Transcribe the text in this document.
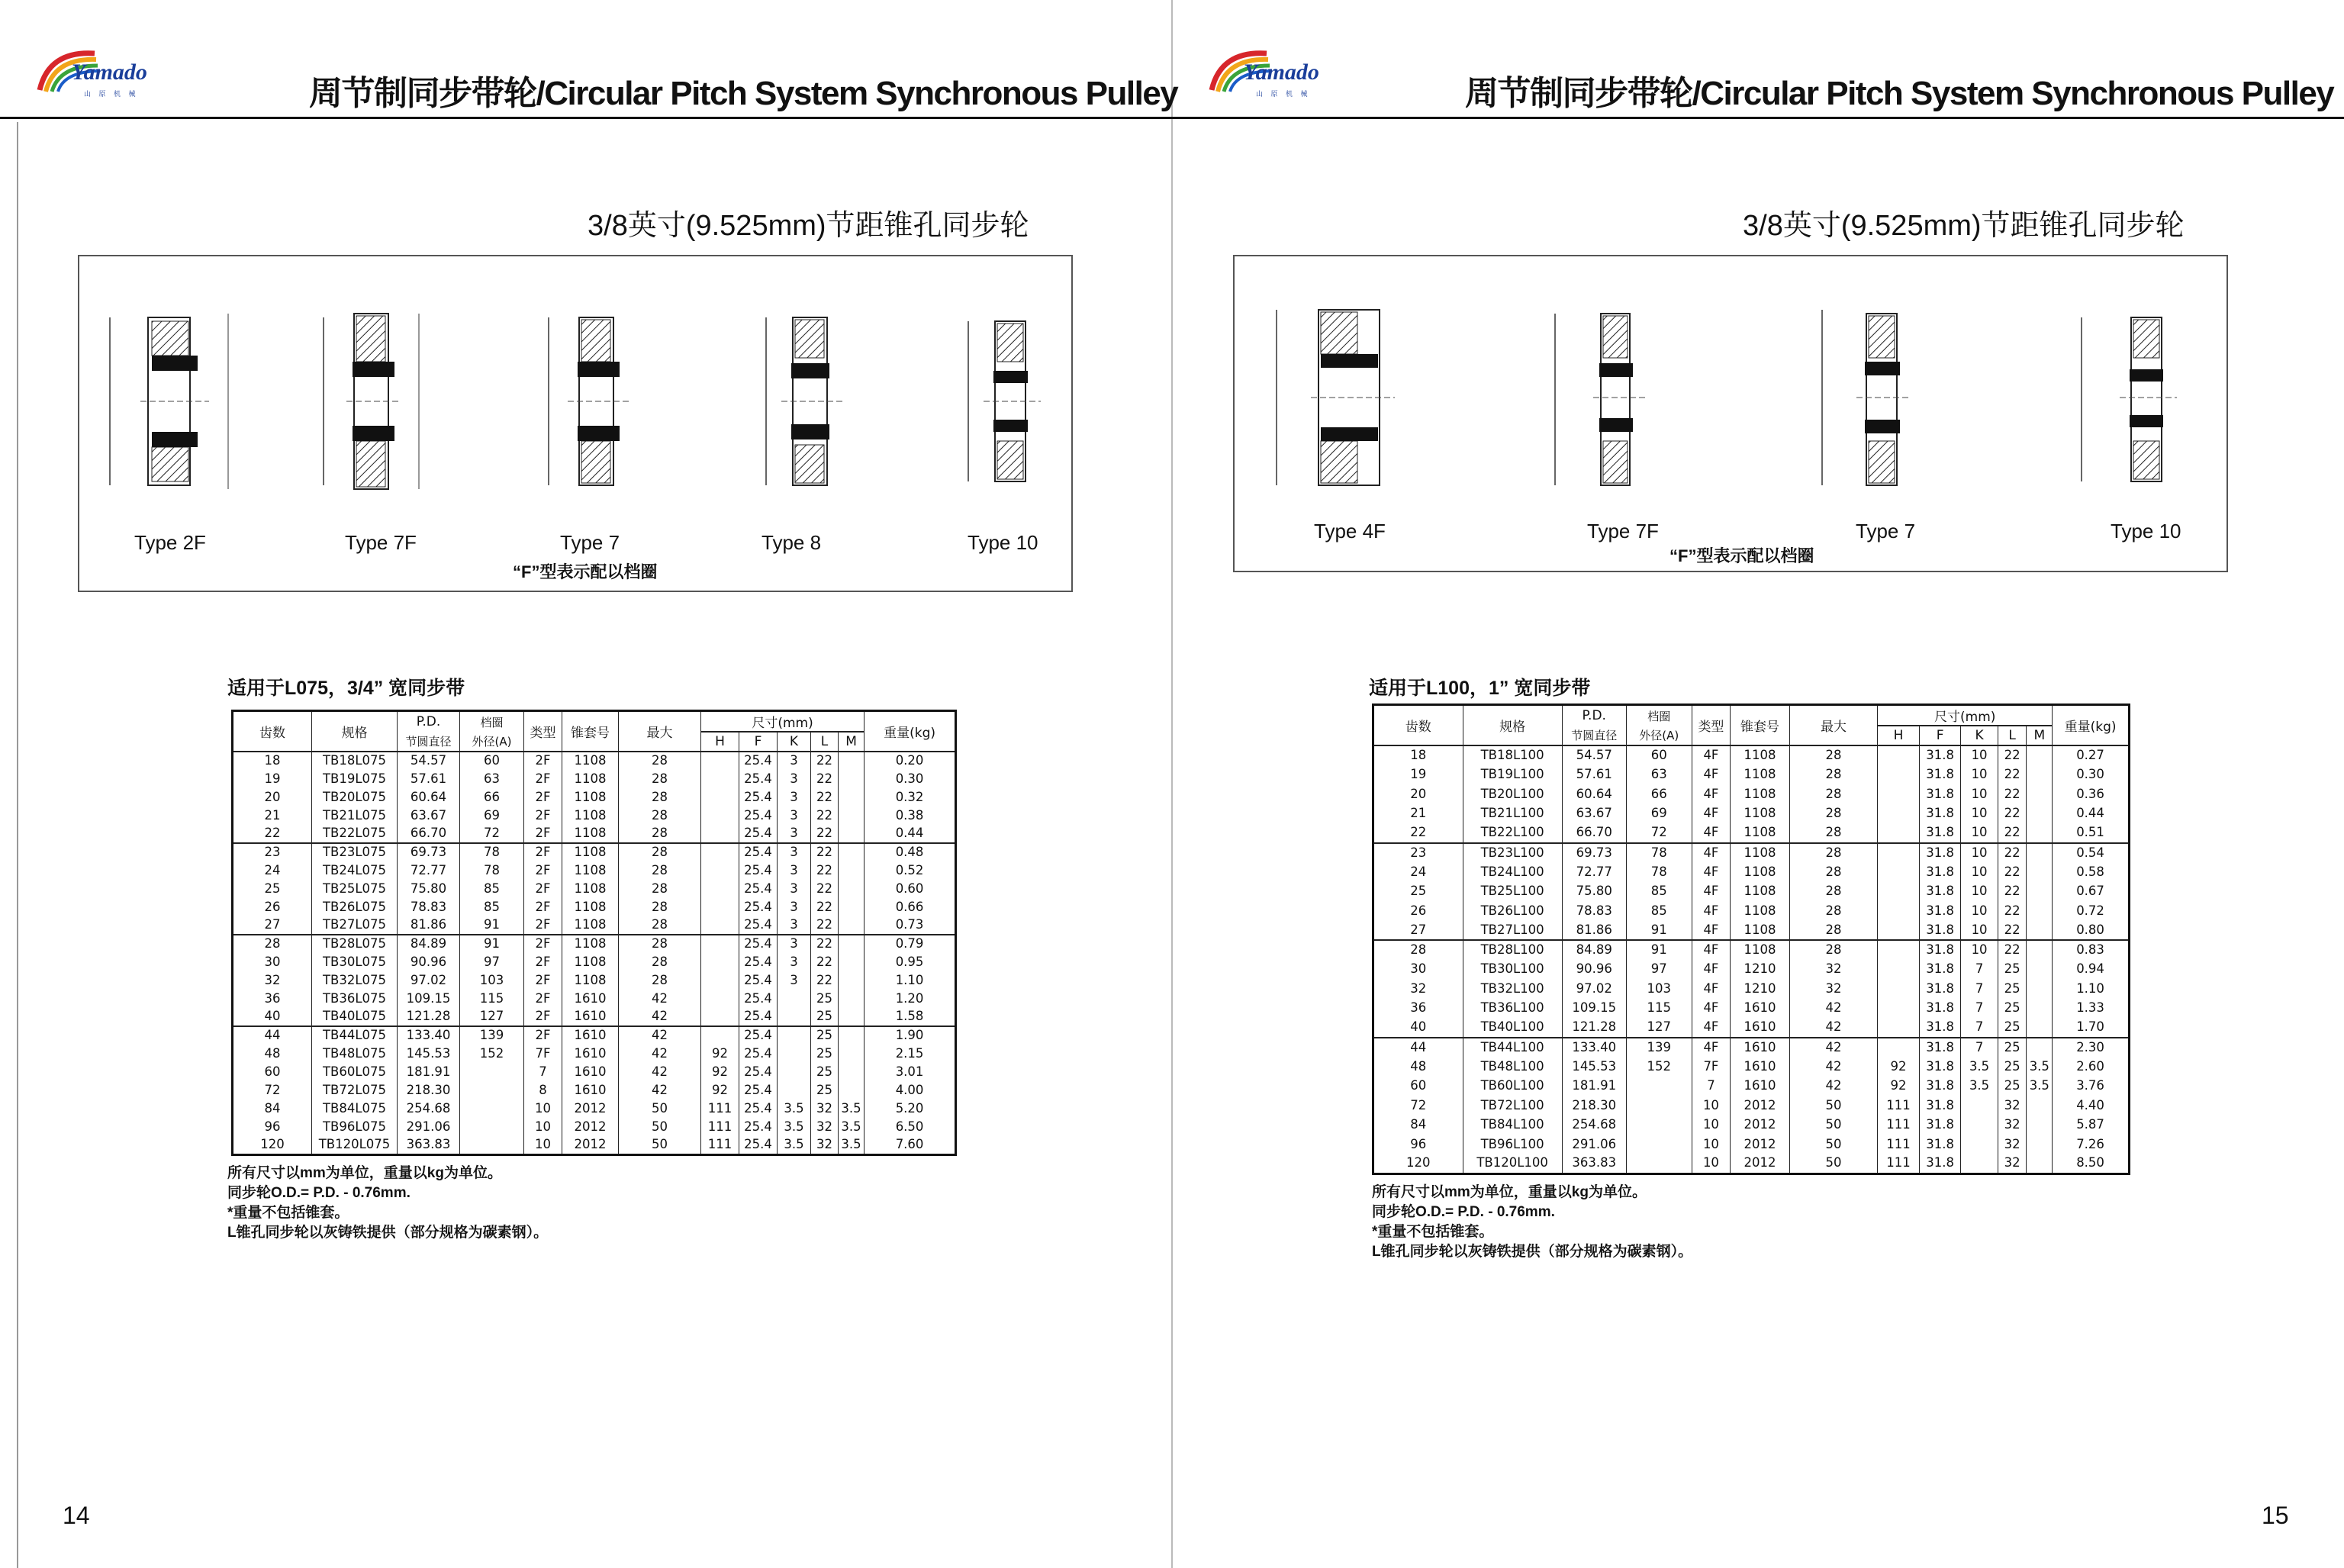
Yamado
山 原 机 械	周节制同步带轮/Circular Pitch System Synchronous Pulley
3/8英寸(9.525mm)节距锥孔同步轮
Type 2F	Type 7F	Type 7	Type 8	Type 10
“F”型表示配以档圈
适用于L075，3/4” 宽同步带
齿数	规格	P.D.	档圈	类型	锥套号	最大	尺寸(mm)					重量(kg)
		节圆直径	外径(A)				H	F	K	L	M	
18	TB18L075	54.57	60	2F	1108	28		25.4	3	22		0.20
19	TB19L075	57.61	63	2F	1108	28		25.4	3	22		0.30
20	TB20L075	60.64	66	2F	1108	28		25.4	3	22		0.32
21	TB21L075	63.67	69	2F	1108	28		25.4	3	22		0.38
22	TB22L075	66.70	72	2F	1108	28		25.4	3	22		0.44
23	TB23L075	69.73	78	2F	1108	28		25.4	3	22		0.48
24	TB24L075	72.77	78	2F	1108	28		25.4	3	22		0.52
25	TB25L075	75.80	85	2F	1108	28		25.4	3	22		0.60
26	TB26L075	78.83	85	2F	1108	28		25.4	3	22		0.66
27	TB27L075	81.86	91	2F	1108	28		25.4	3	22		0.73
28	TB28L075	84.89	91	2F	1108	28		25.4	3	22		0.79
30	TB30L075	90.96	97	2F	1108	28		25.4	3	22		0.95
32	TB32L075	97.02	103	2F	1108	28		25.4	3	22		1.10
36	TB36L075	109.15	115	2F	1610	42		25.4		25		1.20
40	TB40L075	121.28	127	2F	1610	42		25.4		25		1.58
44	TB44L075	133.40	139	2F	1610	42		25.4		25		1.90
48	TB48L075	145.53	152	7F	1610	42	92	25.4		25		2.15
60	TB60L075	181.91		7	1610	42	92	25.4		25		3.01
72	TB72L075	218.30		8	1610	42	92	25.4		25		4.00
84	TB84L075	254.68		10	2012	50	111	25.4	3.5	32	3.5	5.20
96	TB96L075	291.06		10	2012	50	111	25.4	3.5	32	3.5	6.50
120	TB120L075	363.83		10	2012	50	111	25.4	3.5	32	3.5	7.60
所有尺寸以mm为单位，重量以kg为单位。
同步轮O.D.= P.D. - 0.76mm.
*重量不包括锥套。
L锥孔同步轮以灰铸铁提供（部分规格为碳素钢）。
14
Yamado
山 原 机 械	周节制同步带轮/Circular Pitch System Synchronous Pulley
3/8英寸(9.525mm)节距锥孔同步轮
Type 4F	Type 7F	Type 7	Type 10
“F”型表示配以档圈
适用于L100，1” 宽同步带
齿数	规格	P.D.	档圈	类型	锥套号	最大	尺寸(mm)					重量(kg)
		节圆直径	外径(A)				H	F	K	L	M	
18	TB18L100	54.57	60	4F	1108	28		31.8	10	22		0.27
19	TB19L100	57.61	63	4F	1108	28		31.8	10	22		0.30
20	TB20L100	60.64	66	4F	1108	28		31.8	10	22		0.36
21	TB21L100	63.67	69	4F	1108	28		31.8	10	22		0.44
22	TB22L100	66.70	72	4F	1108	28		31.8	10	22		0.51
23	TB23L100	69.73	78	4F	1108	28		31.8	10	22		0.54
24	TB24L100	72.77	78	4F	1108	28		31.8	10	22		0.58
25	TB25L100	75.80	85	4F	1108	28		31.8	10	22		0.67
26	TB26L100	78.83	85	4F	1108	28		31.8	10	22		0.72
27	TB27L100	81.86	91	4F	1108	28		31.8	10	22		0.80
28	TB28L100	84.89	91	4F	1108	28		31.8	10	22		0.83
30	TB30L100	90.96	97	4F	1210	32		31.8	7	25		0.94
32	TB32L100	97.02	103	4F	1210	32		31.8	7	25		1.10
36	TB36L100	109.15	115	4F	1610	42		31.8	7	25		1.33
40	TB40L100	121.28	127	4F	1610	42		31.8	7	25		1.70
44	TB44L100	133.40	139	4F	1610	42		31.8	7	25		2.30
48	TB48L100	145.53	152	7F	1610	42	92	31.8	3.5	25	3.5	2.60
60	TB60L100	181.91		7	1610	42	92	31.8	3.5	25	3.5	3.76
72	TB72L100	218.30		10	2012	50	111	31.8		32		4.40
84	TB84L100	254.68		10	2012	50	111	31.8		32		5.87
96	TB96L100	291.06		10	2012	50	111	31.8		32		7.26
120	TB120L100	363.83		10	2012	50	111	31.8		32		8.50
所有尺寸以mm为单位，重量以kg为单位。
同步轮O.D.= P.D. - 0.76mm.
*重量不包括锥套。
L锥孔同步轮以灰铸铁提供（部分规格为碳素钢）。
15
